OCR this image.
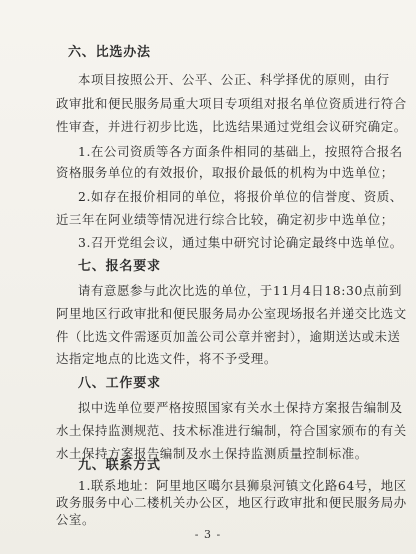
六、比选办法
本项目按照公开、公平、公正、科学择优的原则，由行
政审批和便民服务局重大项目专项组对报名单位资质进行符合
性审查，并进行初步比选，比选结果通过党组会议研究确定。
1.在公司资质等各方面条件相同的基础上，按照符合报名
资格服务单位的有效报价，取报价最低的机构为中选单位；
2.如存在报价相同的单位，将报价单位的信誉度、资质、
近三年在阿业绩等情况进行综合比较，确定初步中选单位；
3.召开党组会议，通过集中研究讨论确定最终中选单位。
七、报名要求
请有意愿参与此次比选的单位，于11月4日18:30点前到
阿里地区行政审批和便民服务局办公室现场报名并递交比选文
件（比选文件需逐页加盖公司公章并密封），逾期送达或未送
达指定地点的比选文件，将不予受理。
八、工作要求
拟中选单位要严格按照国家有关水土保持方案报告编制及
水土保持监测规范、技术标准进行编制，符合国家颁布的有关
水土保持方案报告编制及水土保持监测质量控制标准。
九、联系方式
1.联系地址：阿里地区噶尔县狮泉河镇文化路64号，地区
政务服务中心二楼机关办公区，地区行政审批和便民服务局办
- 3 -
公室。
